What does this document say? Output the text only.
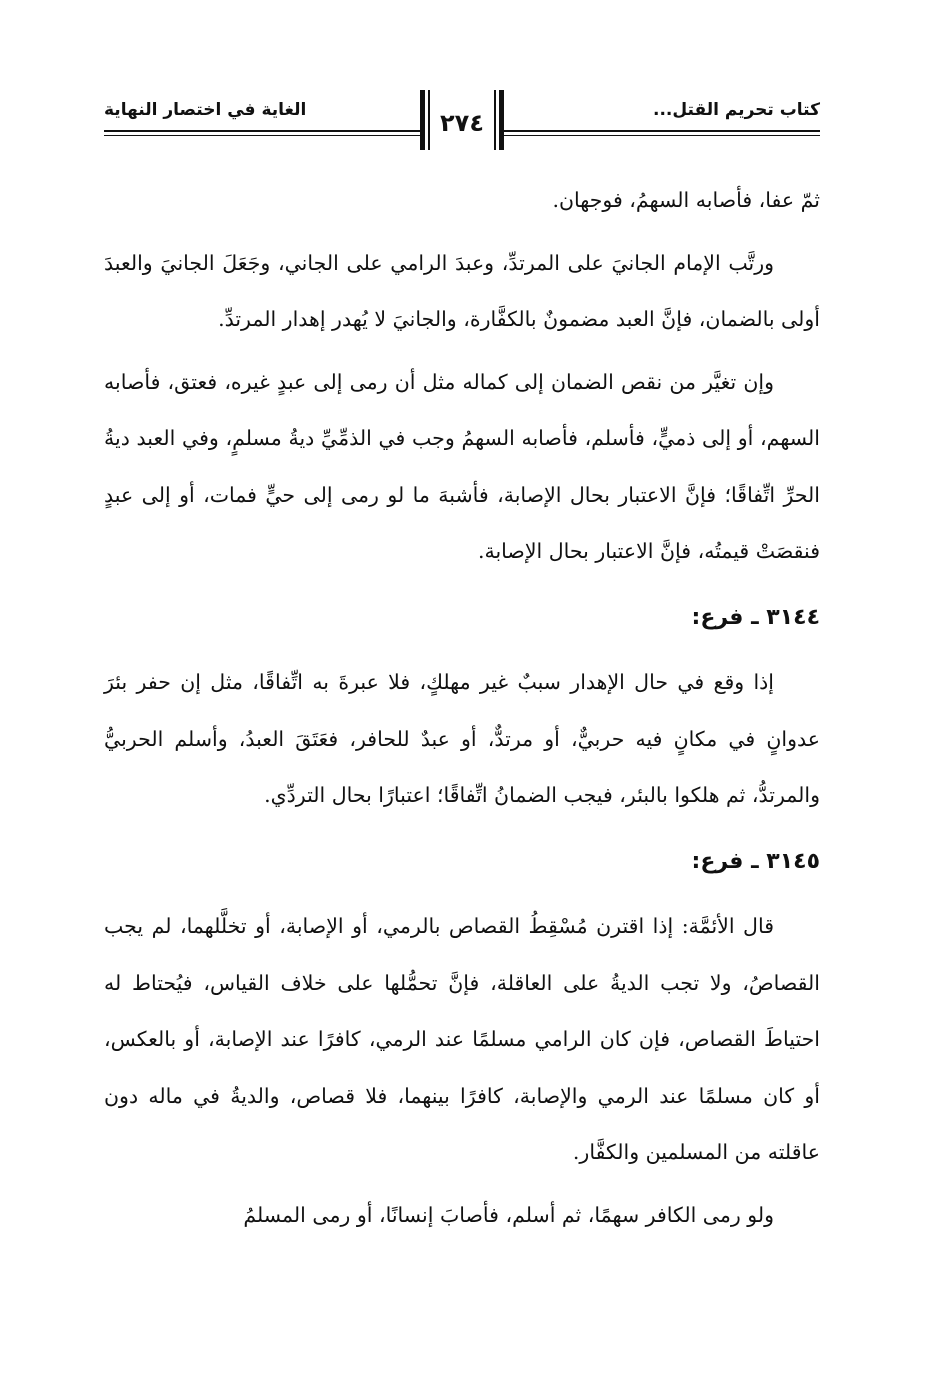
كتاب تحريم القتل...
الغاية في اختصار النهاية	٢٧٤

ثمّ عفا، فأصابه السهمُ، فوجهان.

ورتَّب الإمام الجانيَ على المرتدِّ، وعبدَ الرامي على الجاني، وجَعَلَ الجانيَ والعبدَ أولى بالضمان، فإنَّ العبد مضمونٌ بالكفَّارة، والجانيَ لا يُهدر إهدار المرتدِّ.

وإن تغيَّر من نقص الضمان إلى كماله مثل أن رمى إلى عبدٍ غيره، فعتق، فأصابه السهم، أو إلى ذميٍّ، فأسلم، فأصابه السهمُ وجب في الذمِّيِّ ديةُ مسلمٍ، وفي العبد ديةُ الحرِّ اتِّفاقًا؛ فإنَّ الاعتبار بحال الإصابة، فأشبهَ ما لو رمى إلى حيٍّ فمات، أو إلى عبدٍ فنقصَتْ قيمتُه، فإنَّ الاعتبار بحال الإصابة.

٣١٤٤ ـ فرع:

إذا وقع في حال الإهدار سببٌ غير مهلكٍ، فلا عبرةَ به اتِّفاقًا، مثل إن حفر بئرَ عدوانٍ في مكانٍ فيه حربيٌّ، أو مرتدٌّ، أو عبدٌ للحافر، فعَتَقَ العبدُ، وأسلم الحربيُّ والمرتدُّ، ثم هلكوا بالبئر، فيجب الضمانُ اتِّفاقًا؛ اعتبارًا بحال التردِّي.

٣١٤٥ ـ فرع:

قال الأئمَّة: إذا اقترن مُسْقِطُ القصاص بالرمي، أو الإصابة، أو تخلَّلهما، لم يجب القصاصُ، ولا تجب الديةُ على العاقلة، فإنَّ تحمُّلها على خلاف القياس، فيُحتاط له احتياطَ القصاص، فإن كان الرامي مسلمًا عند الرمي، كافرًا عند الإصابة، أو بالعكس، أو كان مسلمًا عند الرمي والإصابة، كافرًا بينهما، فلا قصاص، والديةُ في ماله دون عاقلته من المسلمين والكفَّار.

ولو رمى الكافر سهمًا، ثم أسلم، فأصابَ إنسانًا، أو رمى المسلمُ
